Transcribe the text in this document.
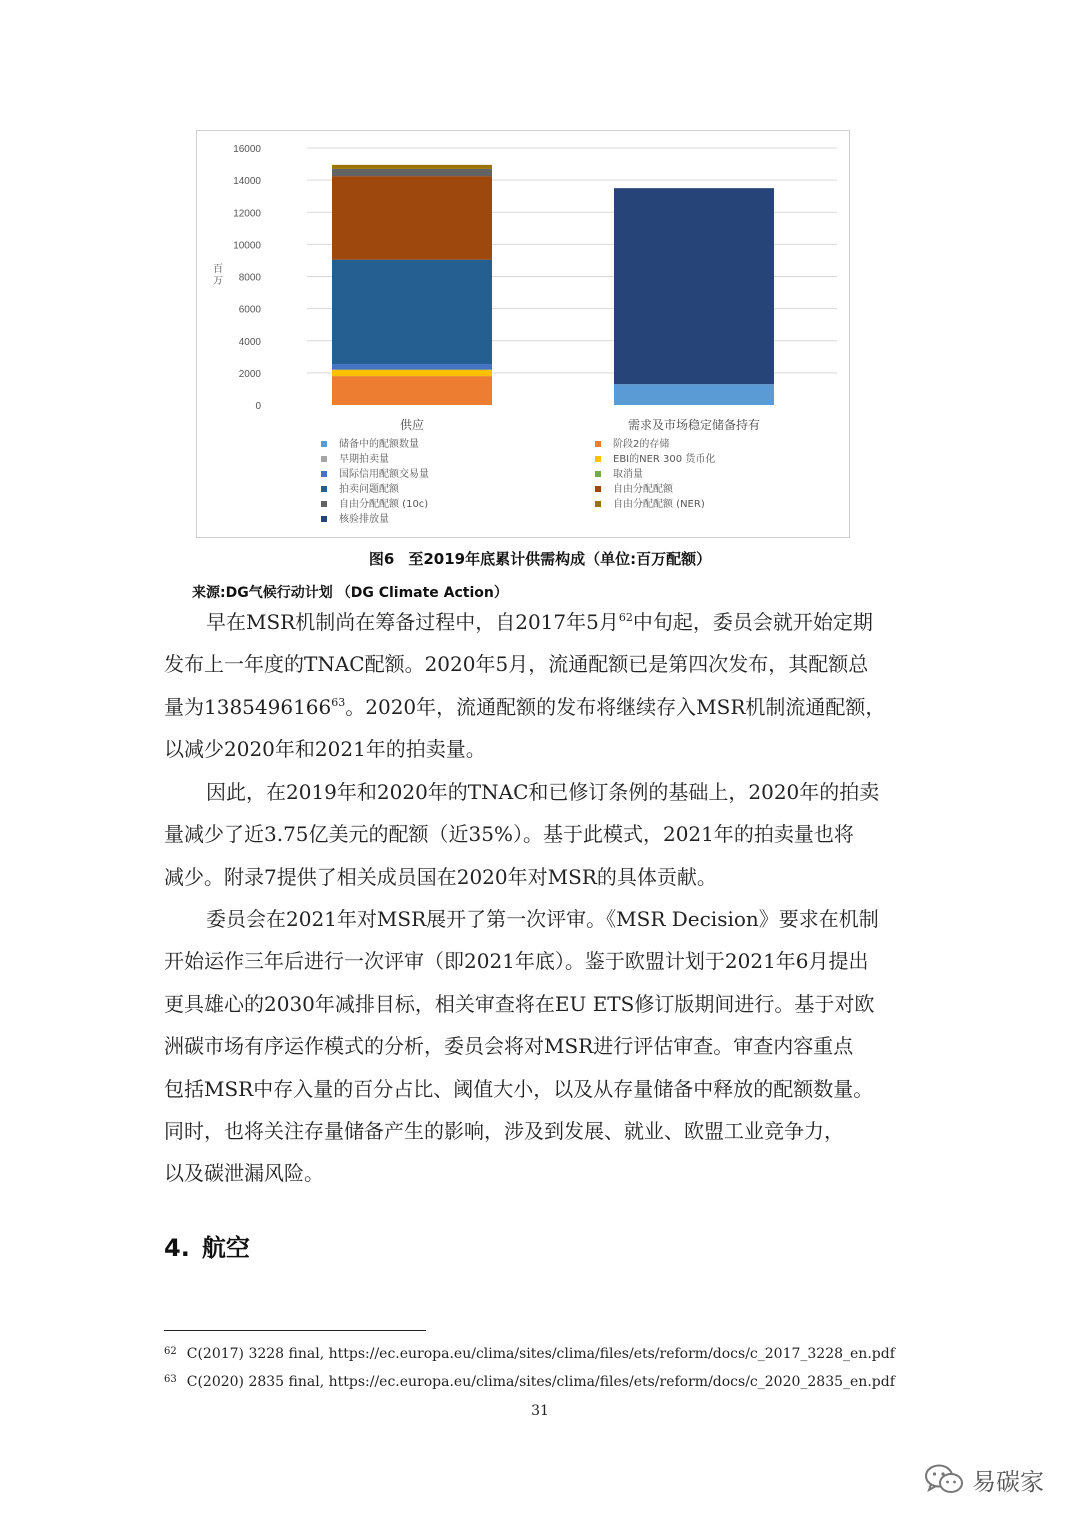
0
2000
4000
6000
8000
10000
12000
14000
16000
百
万
供应	需求及市场稳定储备持有
储备中的配额数量
早期拍卖量
国际信用配额交易量
拍卖问题配额
自由分配配额 (10c)
核验排放量
阶段2的存储
EBI的NER 300 货币化
取消量
自由分配配额
自由分配配额 (NER)
图6 至2019年底累计供需构成（单位:百万配额）
来源:DG气候行动计划 （DG Climate Action）
早在MSR机制尚在筹备过程中，自2017年5月$^{62}$中旬起，委员会就开始定期
发布上一年度的TNAC配额。2020年5月，流通配额已是第四次发布，其配额总
量为1385496166$^{63}$。2020年，流通配额的发布将继续存入MSR机制流通配额，
以减少2020年和2021年的拍卖量。
因此，在2019年和2020年的TNAC和已修订条例的基础上，2020年的拍卖
量减少了近3.75亿美元的配额（近35%）。基于此模式，2021年的拍卖量也将
减少。附录7提供了相关成员国在2020年对MSR的具体贡献。
委员会在2021年对MSR展开了第一次评审。《MSR Decision》要求在机制
开始运作三年后进行一次评审（即2021年底）。鉴于欧盟计划于2021年6月提出
更具雄心的2030年减排目标，相关审查将在EU ETS修订版期间进行。基于对欧
洲碳市场有序运作模式的分析，委员会将对MSR进行评估审查。审查内容重点
包括MSR中存入量的百分占比、阈值大小，以及从存量储备中释放的配额数量。
同时，也将关注存量储备产生的影响，涉及到发展、就业、欧盟工业竞争力，
以及碳泄漏风险。
4. 航空
$^{62}$ C(2017) 3228 final, https://ec.europa.eu/clima/sites/clima/files/ets/reform/docs/c_2017_3228_en.pdf
$^{63}$ C(2020) 2835 final, https://ec.europa.eu/clima/sites/clima/files/ets/reform/docs/c_2020_2835_en.pdf
31
易碳家
